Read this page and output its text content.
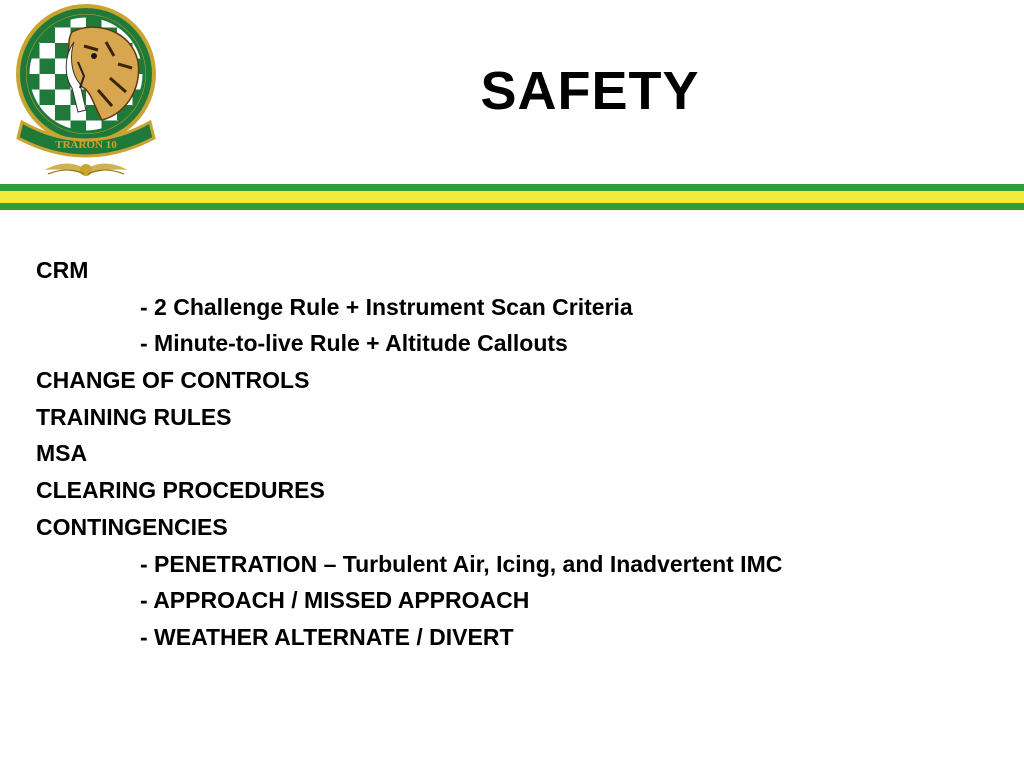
TRARON 10
SAFETY
CRM
- 2 Challenge Rule + Instrument Scan Criteria
- Minute-to-live Rule + Altitude Callouts
CHANGE OF CONTROLS
TRAINING RULES
MSA
CLEARING PROCEDURES
CONTINGENCIES
- PENETRATION – Turbulent Air, Icing, and Inadvertent IMC
- APPROACH / MISSED APPROACH
- WEATHER ALTERNATE / DIVERT
